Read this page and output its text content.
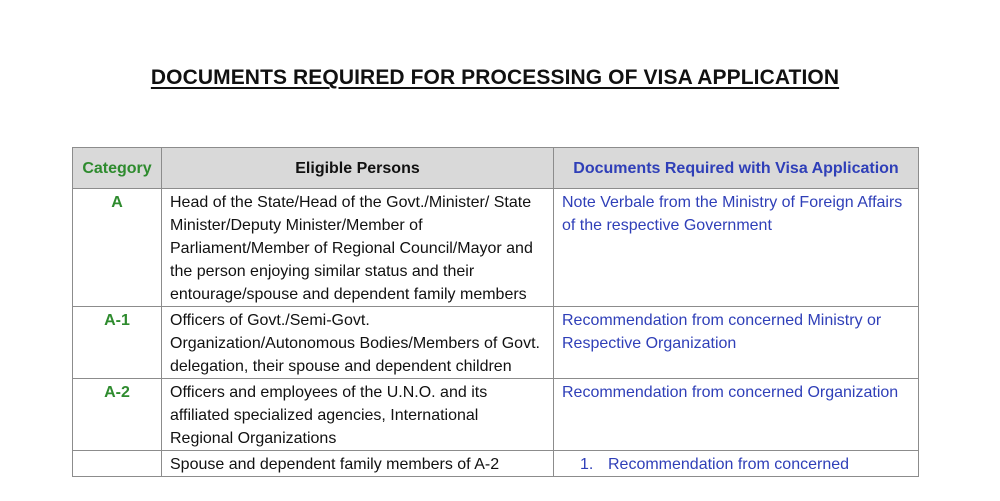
DOCUMENTS REQUIRED FOR PROCESSING OF VISA APPLICATION
Category	Eligible Persons	Documents Required with Visa Application
A	Head of the State/Head of the Govt./Minister/ State Minister/Deputy Minister/Member of Parliament/Member of Regional Council/Mayor and the person enjoying similar status and their entourage/spouse and dependent family members	Note Verbale from the Ministry of Foreign Affairs of the respective Government
A-1	Officers of Govt./Semi-Govt. Organization/Autonomous Bodies/Members of Govt. delegation, their spouse and dependent children	Recommendation from concerned Ministry or Respective Organization
A-2	Officers and employees of the U.N.O. and its affiliated specialized agencies, International Regional Organizations	Recommendation from concerned Organization
	Spouse and dependent family members of A-2	1. Recommendation from concerned
